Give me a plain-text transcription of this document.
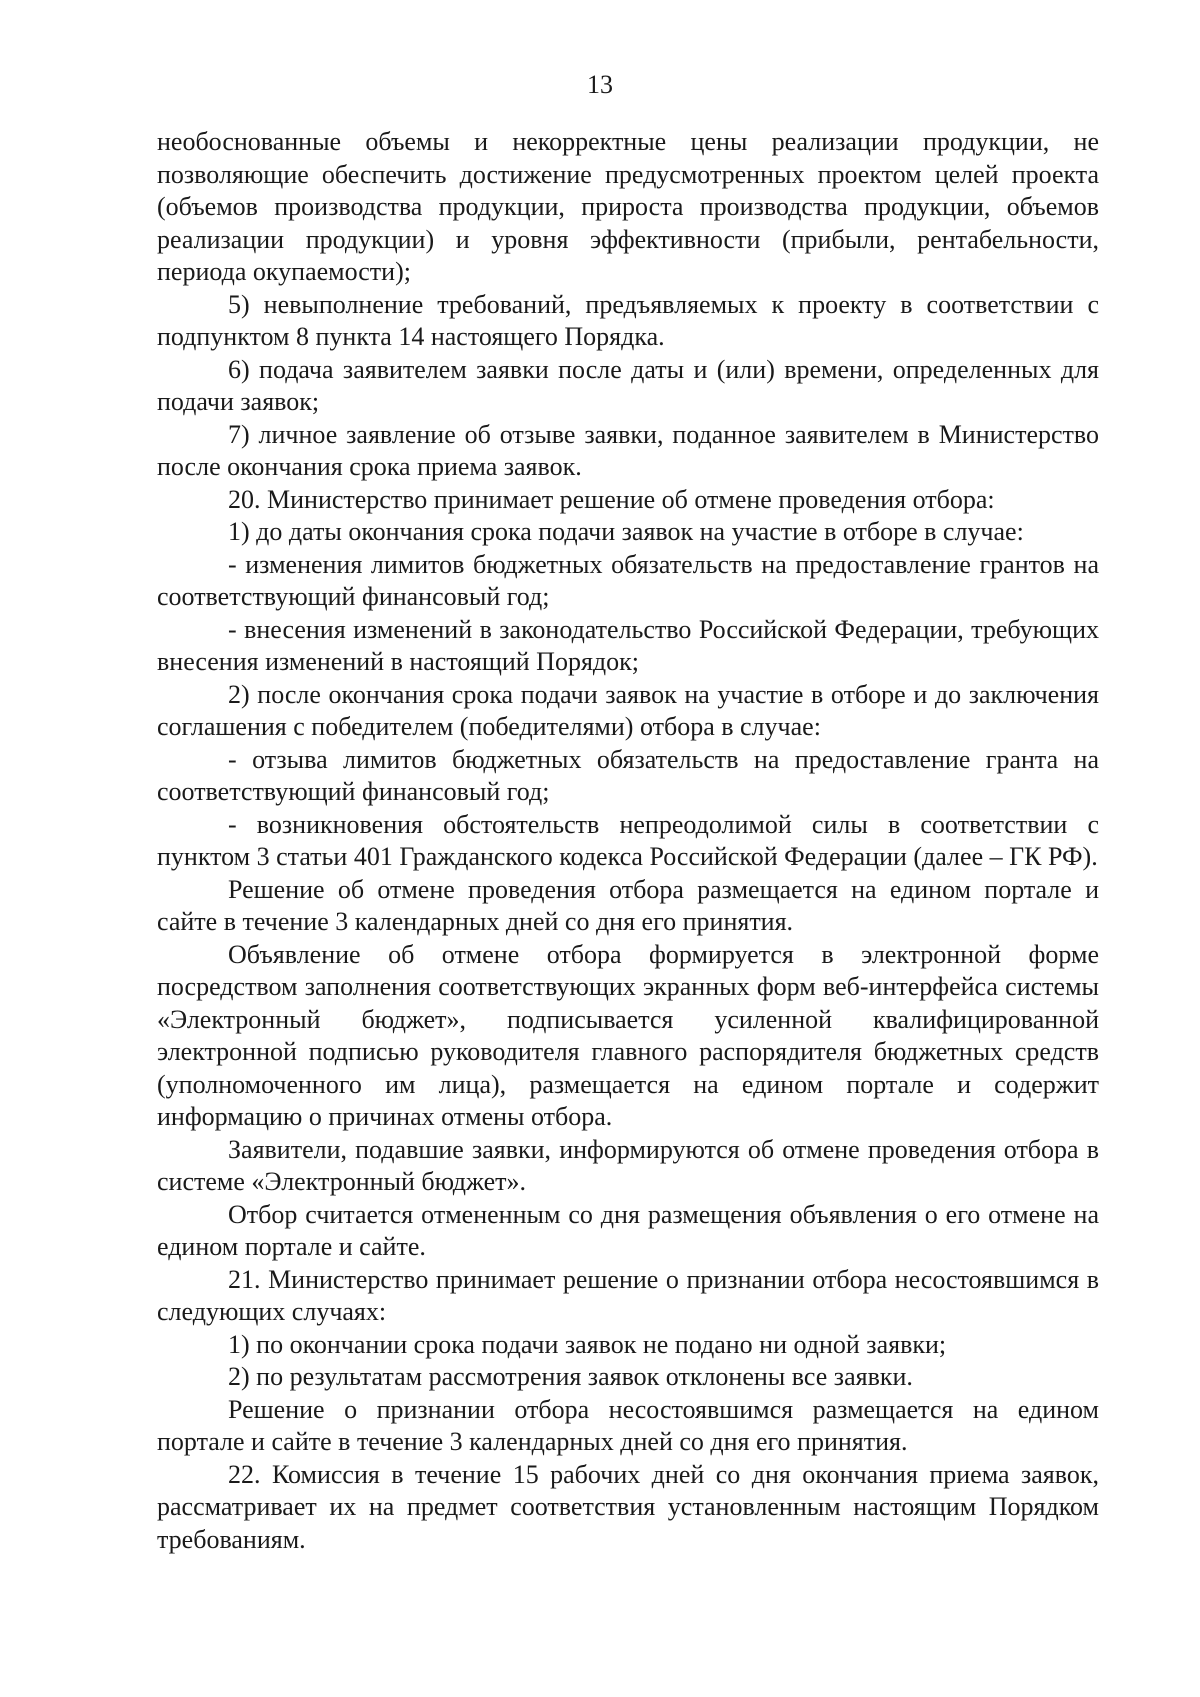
13

необоснованные объемы и некорректные цены реализации продукции, не позволяющие обеспечить достижение предусмотренных проектом целей проекта (объемов производства продукции, прироста производства продукции, объемов реализации продукции) и уровня эффективности (прибыли, рентабельности, периода окупаемости);

5) невыполнение требований, предъявляемых к проекту в соответствии с подпунктом 8 пункта 14 настоящего Порядка.

6) подача заявителем заявки после даты и (или) времени, определенных для подачи заявок;

7) личное заявление об отзыве заявки, поданное заявителем в Министерство после окончания срока приема заявок.

20. Министерство принимает решение об отмене проведения отбора:

1) до даты окончания срока подачи заявок на участие в отборе в случае:

- изменения лимитов бюджетных обязательств на предоставление грантов на соответствующий финансовый год;

- внесения изменений в законодательство Российской Федерации, требующих внесения изменений в настоящий Порядок;

2) после окончания срока подачи заявок на участие в отборе и до заключения соглашения с победителем (победителями) отбора в случае:

- отзыва лимитов бюджетных обязательств на предоставление гранта на соответствующий финансовый год;

- возникновения обстоятельств непреодолимой силы в соответствии с пунктом 3 статьи 401 Гражданского кодекса Российской Федерации (далее – ГК РФ).

Решение об отмене проведения отбора размещается на едином портале и сайте в течение 3 календарных дней со дня его принятия.

Объявление об отмене отбора формируется в электронной форме посредством заполнения соответствующих экранных форм веб-интерфейса системы «Электронный бюджет», подписывается усиленной квалифицированной электронной подписью руководителя главного распорядителя бюджетных средств (уполномоченного им лица), размещается на едином портале и содержит информацию о причинах отмены отбора.

Заявители, подавшие заявки, информируются об отмене проведения отбора в системе «Электронный бюджет».

Отбор считается отмененным со дня размещения объявления о его отмене на едином портале и сайте.

21. Министерство принимает решение о признании отбора несостоявшимся в следующих случаях:

1) по окончании срока подачи заявок не подано ни одной заявки;

2) по результатам рассмотрения заявок отклонены все заявки.

Решение о признании отбора несостоявшимся размещается на едином портале и сайте в течение 3 календарных дней со дня его принятия.

22. Комиссия в течение 15 рабочих дней со дня окончания приема заявок, рассматривает их на предмет соответствия установленным настоящим Порядком требованиям.
